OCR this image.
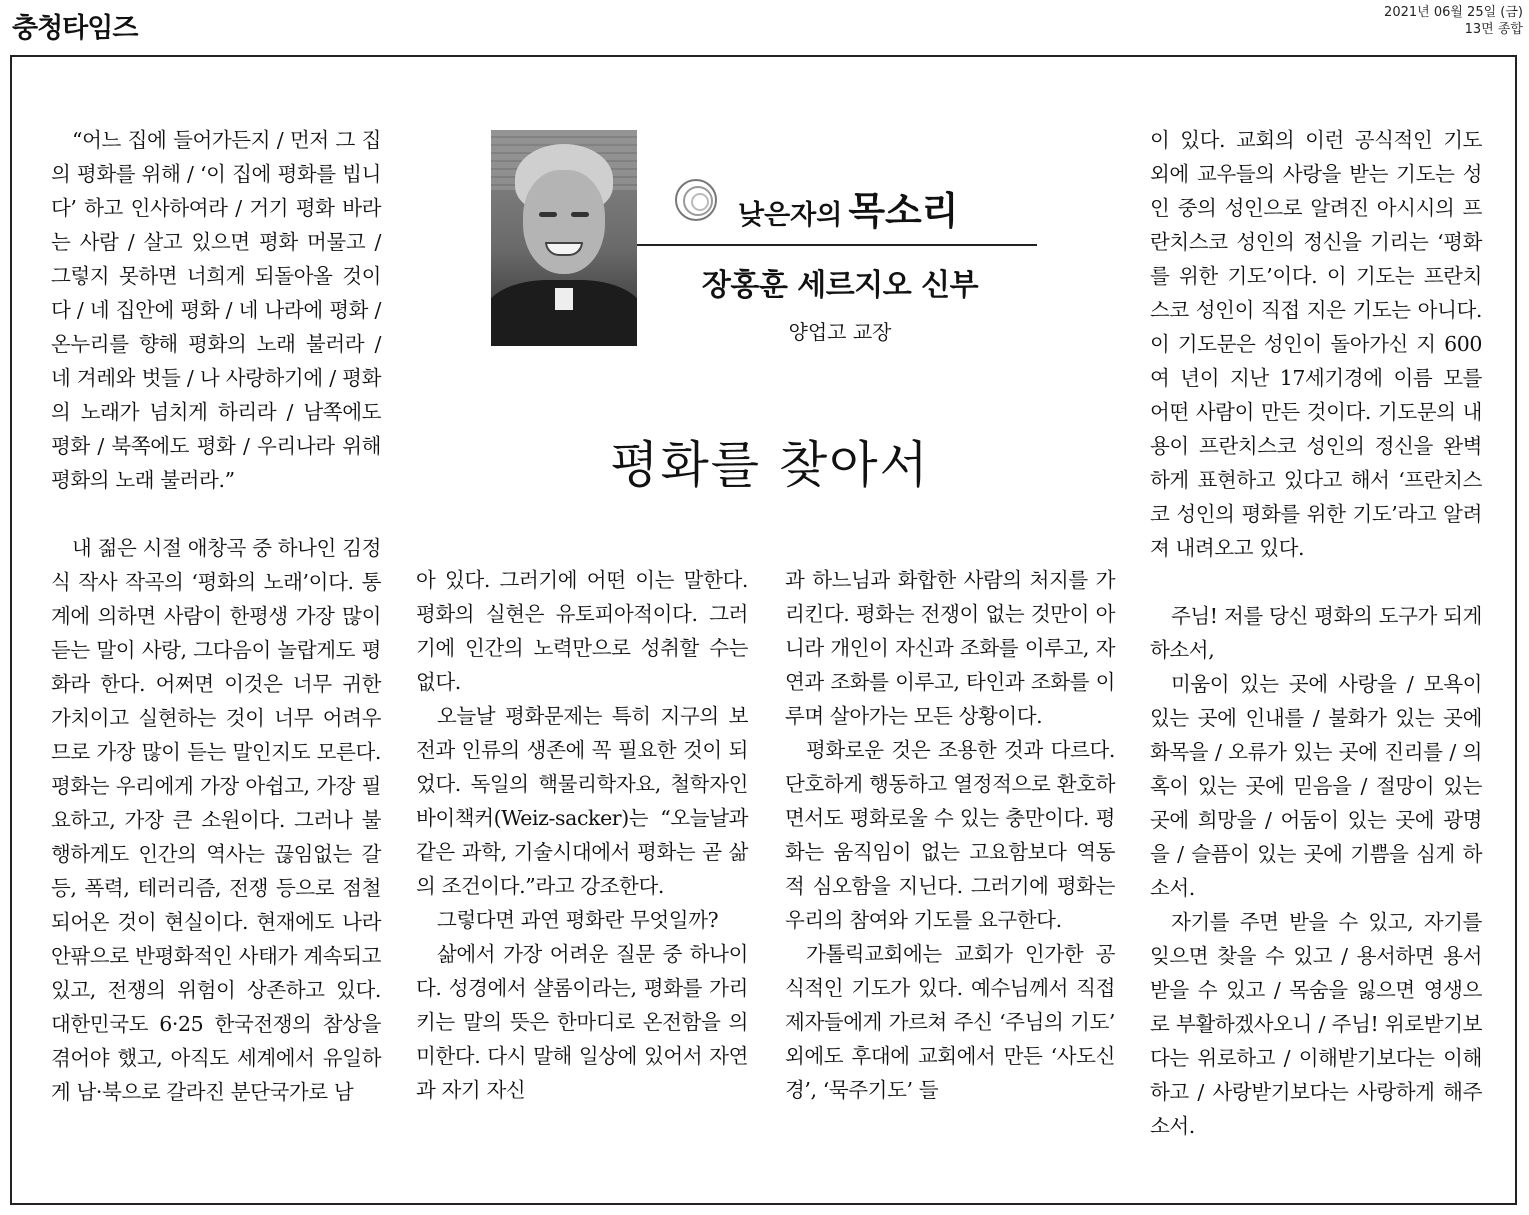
충청타임즈
2021년 06월 25일 (금)
13면 종합
낮은자의 목소리
장홍훈 세르지오 신부
양업고 교장
평화를 찾아서

“어느 집에 들어가든지 / 먼저 그 집의 평화를 위해 / ‘이 집에 평화를 빕니다’ 하고 인사하여라 / 거기 평화 바라는 사람 / 살고 있으면 평화 머물고 / 그렇지 못하면 너희게 되돌아올 것이다 / 네 집안에 평화 / 네 나라에 평화 / 온누리를 향해 평화의 노래 불러라 / 네 겨레와 벗들 / 나 사랑하기에 / 평화의 노래가 넘치게 하리라 / 남쪽에도 평화 / 북쪽에도 평화 / 우리나라 위해 평화의 노래 불러라.”

내 젊은 시절 애창곡 중 하나인 김정식 작사 작곡의 ‘평화의 노래’이다. 통계에 의하면 사람이 한평생 가장 많이 듣는 말이 사랑, 그다음이 놀랍게도 평화라 한다. 어쩌면 이것은 너무 귀한 가치이고 실현하는 것이 너무 어려우므로 가장 많이 듣는 말인지도 모른다. 평화는 우리에게 가장 아쉽고, 가장 필요하고, 가장 큰 소원이다. 그러나 불행하게도 인간의 역사는 끊임없는 갈등, 폭력, 테러리즘, 전쟁 등으로 점철되어온 것이 현실이다. 현재에도 나라 안팎으로 반평화적인 사태가 계속되고 있고, 전쟁의 위험이 상존하고 있다. 대한민국도 6·25 한국전쟁의 참상을 겪어야 했고, 아직도 세계에서 유일하게 남·북으로 갈라진 분단국가로 남

아 있다. 그러기에 어떤 이는 말한다. 평화의 실현은 유토피아적이다. 그러기에 인간의 노력만으로 성취할 수는 없다.

오늘날 평화문제는 특히 지구의 보전과 인류의 생존에 꼭 필요한 것이 되었다. 독일의 핵물리학자요, 철학자인 바이책커(Weiz-sacker)는 “오늘날과 같은 과학, 기술시대에서 평화는 곧 삶의 조건이다.”라고 강조한다.

그렇다면 과연 평화란 무엇일까?

삶에서 가장 어려운 질문 중 하나이다. 성경에서 샬롬이라는, 평화를 가리키는 말의 뜻은 한마디로 온전함을 의미한다. 다시 말해 일상에 있어서 자연과 자기 자신

과 하느님과 화합한 사람의 처지를 가리킨다. 평화는 전쟁이 없는 것만이 아니라 개인이 자신과 조화를 이루고, 자연과 조화를 이루고, 타인과 조화를 이루며 살아가는 모든 상황이다.

평화로운 것은 조용한 것과 다르다. 단호하게 행동하고 열정적으로 환호하면서도 평화로울 수 있는 충만이다. 평화는 움직임이 없는 고요함보다 역동적 심오함을 지닌다. 그러기에 평화는 우리의 참여와 기도를 요구한다.

가톨릭교회에는 교회가 인가한 공식적인 기도가 있다. 예수님께서 직접 제자들에게 가르쳐 주신 ‘주님의 기도’ 외에도 후대에 교회에서 만든 ‘사도신경’, ‘묵주기도’ 들

이 있다. 교회의 이런 공식적인 기도 외에 교우들의 사랑을 받는 기도는 성인 중의 성인으로 알려진 아시시의 프란치스코 성인의 정신을 기리는 ‘평화를 위한 기도’이다. 이 기도는 프란치스코 성인이 직접 지은 기도는 아니다. 이 기도문은 성인이 돌아가신 지 600여 년이 지난 17세기경에 이름 모를 어떤 사람이 만든 것이다. 기도문의 내용이 프란치스코 성인의 정신을 완벽하게 표현하고 있다고 해서 ‘프란치스코 성인의 평화를 위한 기도’라고 알려져 내려오고 있다.

주님! 저를 당신 평화의 도구가 되게 하소서,

미움이 있는 곳에 사랑을 / 모욕이 있는 곳에 인내를 / 불화가 있는 곳에 화목을 / 오류가 있는 곳에 진리를 / 의혹이 있는 곳에 믿음을 / 절망이 있는 곳에 희망을 / 어둠이 있는 곳에 광명을 / 슬픔이 있는 곳에 기쁨을 심게 하소서.

자기를 주면 받을 수 있고, 자기를 잊으면 찾을 수 있고 / 용서하면 용서받을 수 있고 / 목숨을 잃으면 영생으로 부활하겠사오니 / 주님! 위로받기보다는 위로하고 / 이해받기보다는 이해하고 / 사랑받기보다는 사랑하게 해주소서.
